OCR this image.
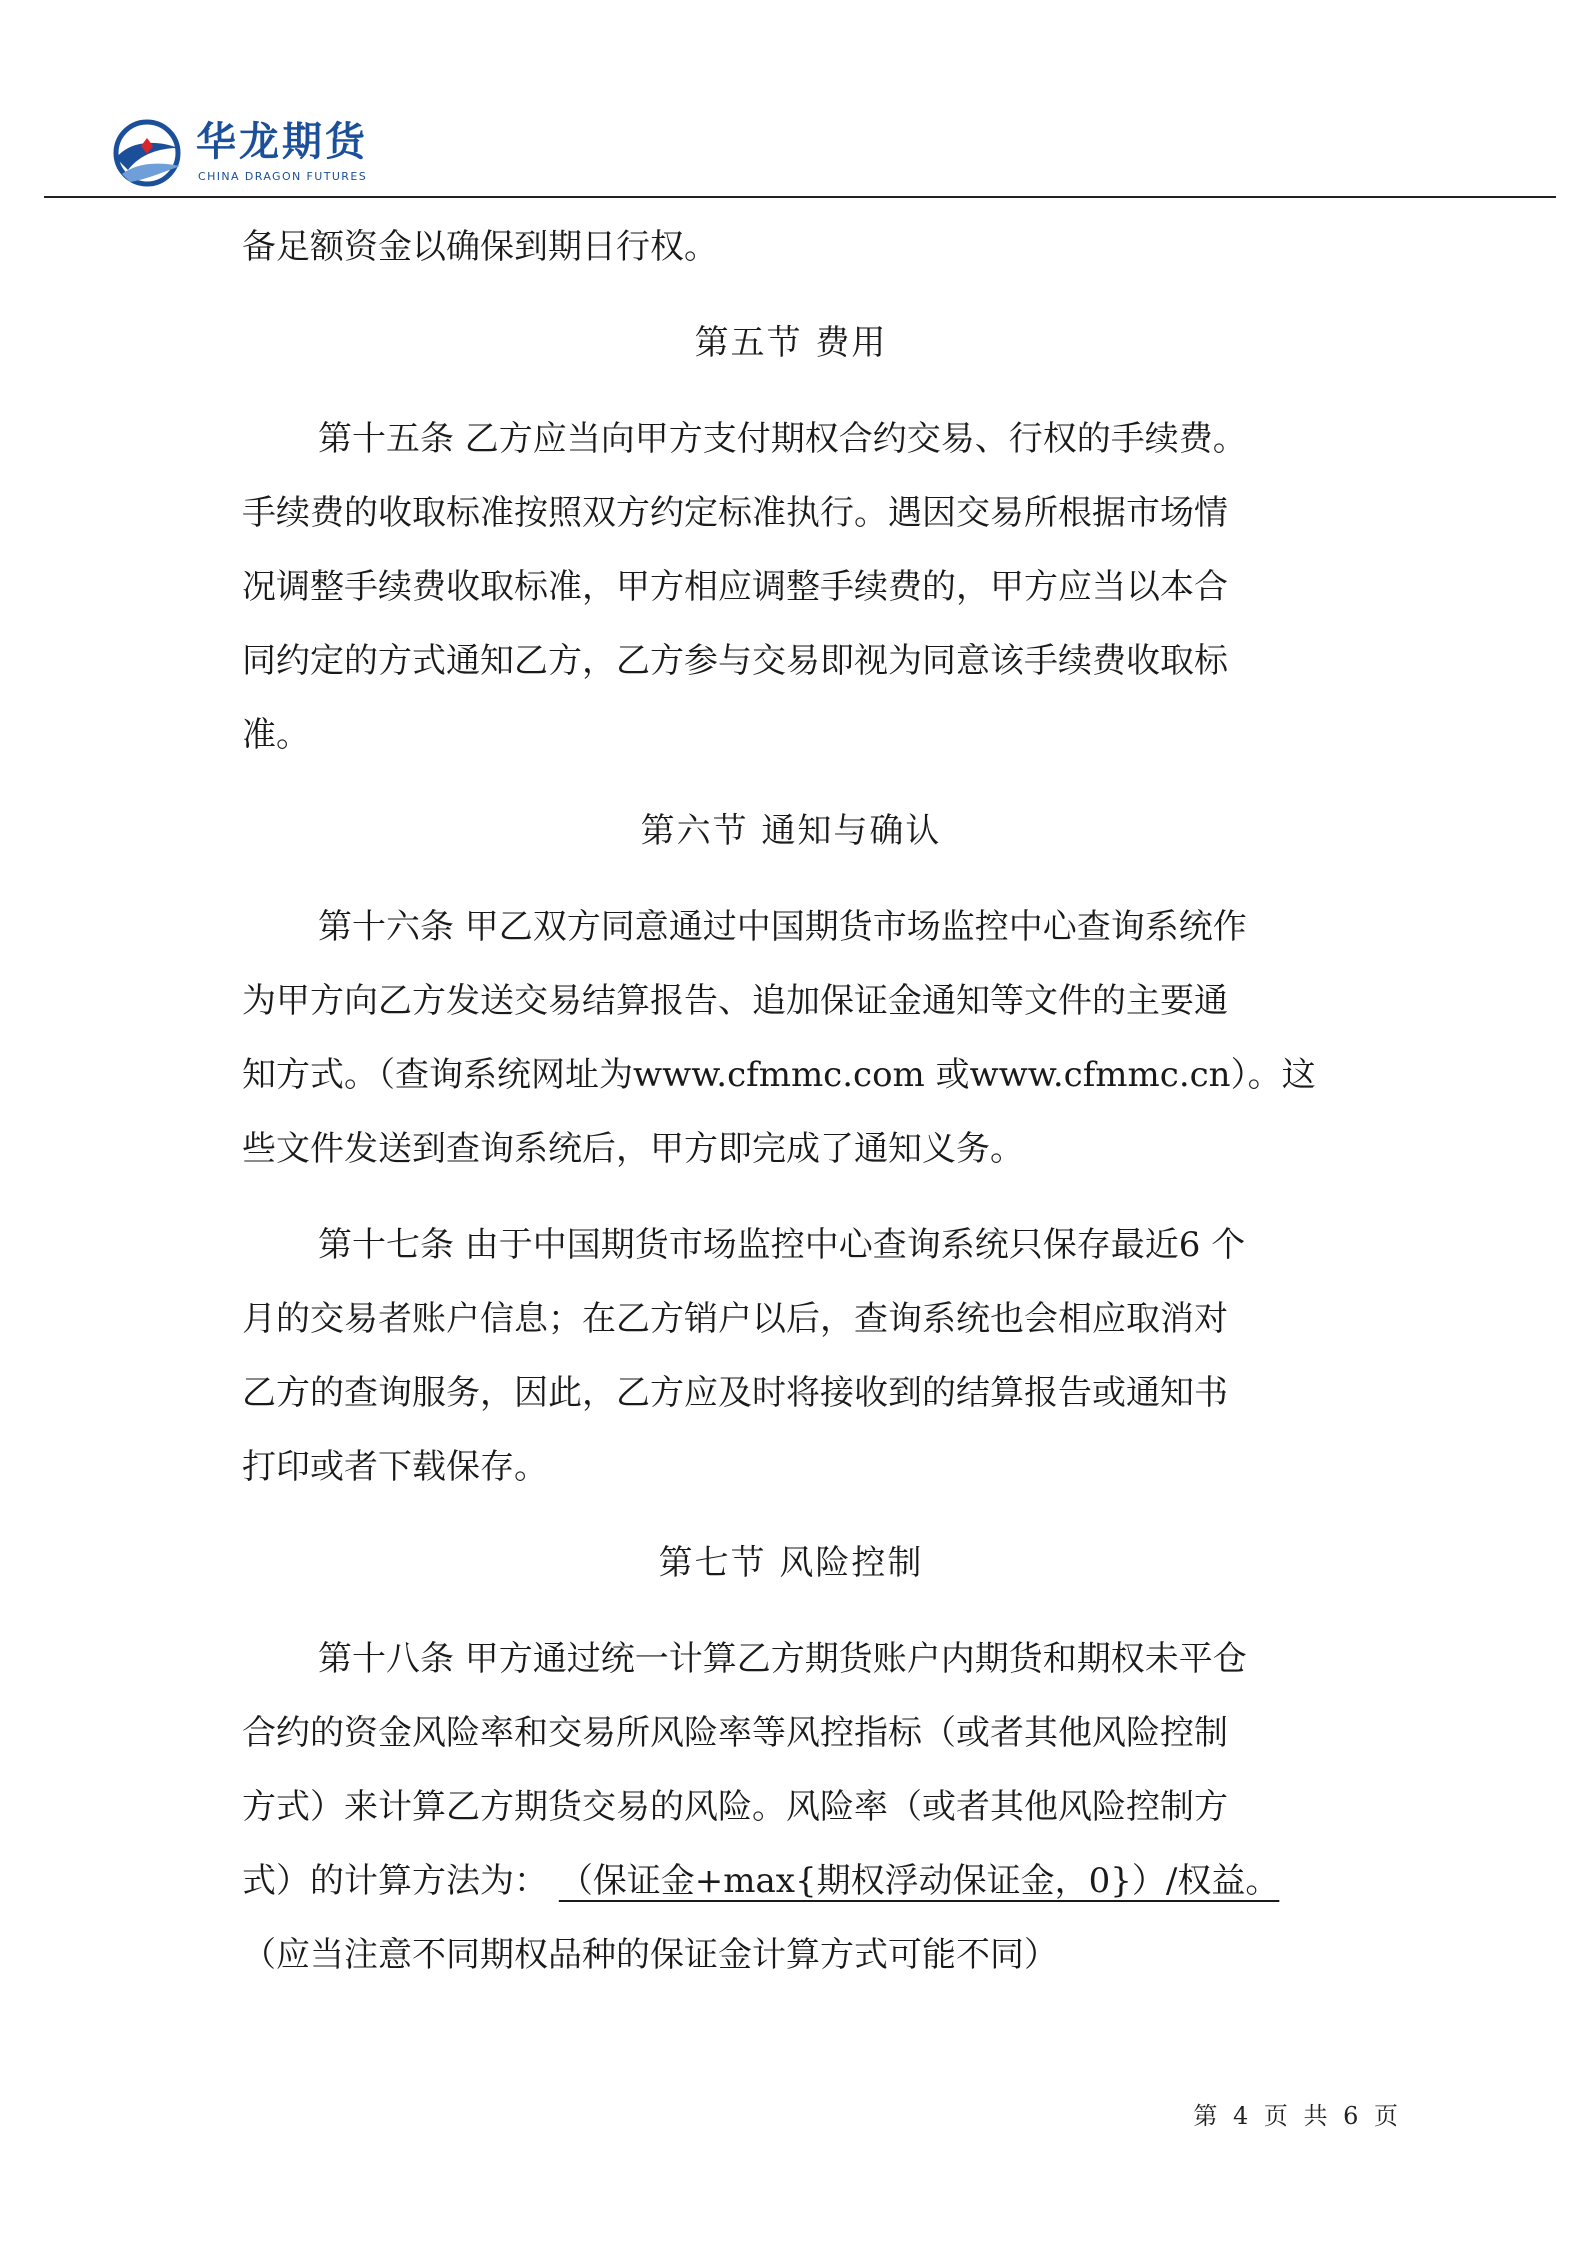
华龙期货
CHINA DRAGON FUTURES
备足额资金以确保到期日行权。
第五节 费用
第十五条 乙方应当向甲方支付期权合约交易、行权的手续费。
手续费的收取标准按照双方约定标准执行。遇因交易所根据市场情
况调整手续费收取标准，甲方相应调整手续费的，甲方应当以本合
同约定的方式通知乙方，乙方参与交易即视为同意该手续费收取标
准。
第六节 通知与确认
第十六条 甲乙双方同意通过中国期货市场监控中心查询系统作
为甲方向乙方发送交易结算报告、追加保证金通知等文件的主要通
知方式。（查询系统网址为www.cfmmc.com 或www.cfmmc.cn）。这
些文件发送到查询系统后，甲方即完成了通知义务。
第十七条 由于中国期货市场监控中心查询系统只保存最近6 个
月的交易者账户信息；在乙方销户以后，查询系统也会相应取消对
乙方的查询服务，因此，乙方应及时将接收到的结算报告或通知书
打印或者下载保存。
第七节 风险控制
第十八条 甲方通过统一计算乙方期货账户内期货和期权未平仓
合约的资金风险率和交易所风险率等风控指标（或者其他风险控制
方式）来计算乙方期货交易的风险。风险率（或者其他风险控制方
式）的计算方法为： （保证金+max{期权浮动保证金，0}）/权益。
（应当注意不同期权品种的保证金计算方式可能不同）
第 4 页 共 6 页
